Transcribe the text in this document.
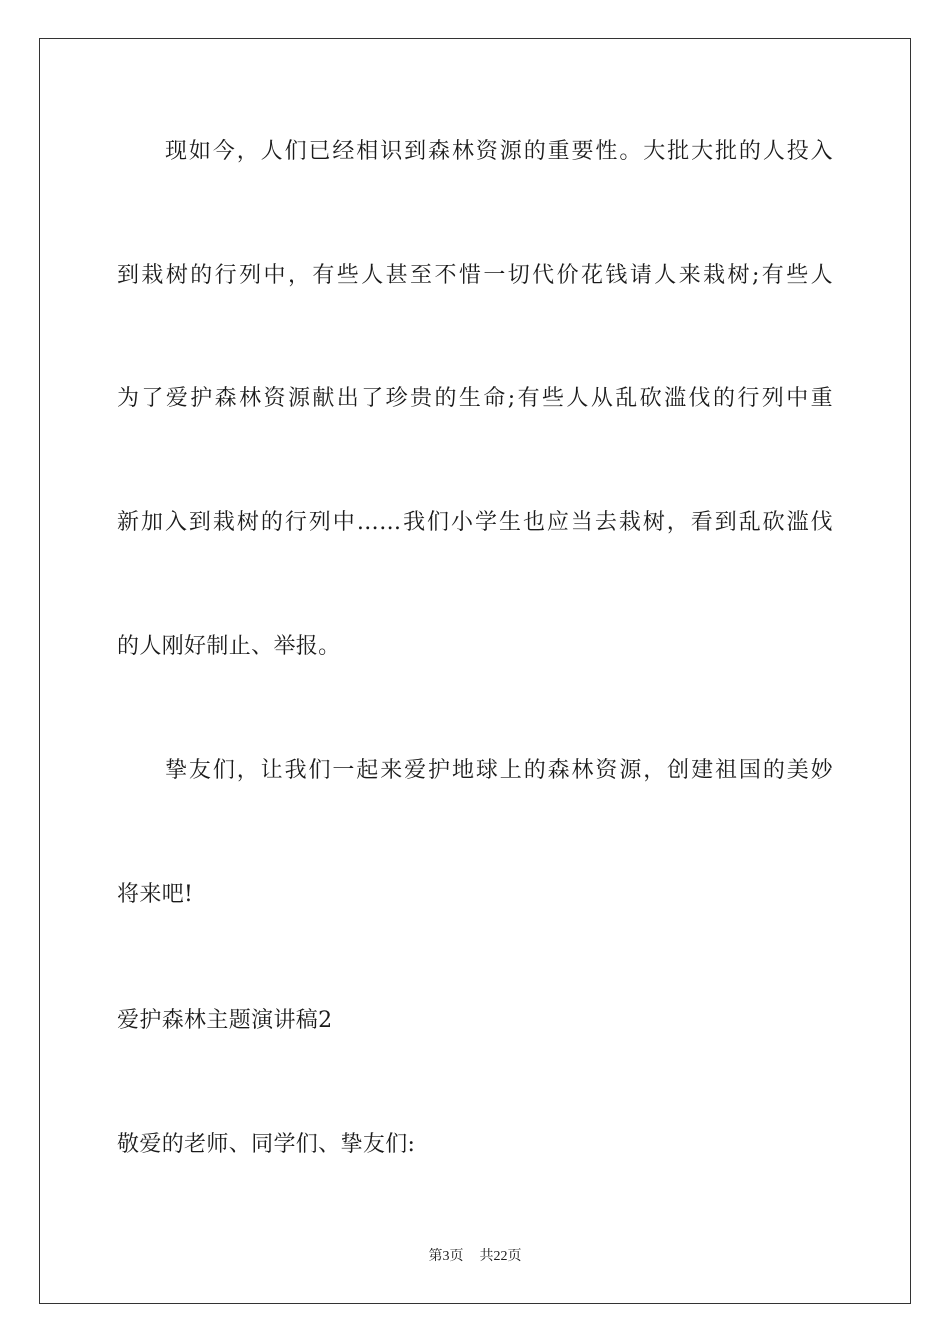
现如今，人们已经相识到森林资源的重要性。大批大批的人投入
到栽树的行列中，有些人甚至不惜一切代价花钱请人来栽树;有些人
为了爱护森林资源献出了珍贵的生命;有些人从乱砍滥伐的行列中重
新加入到栽树的行列中……我们小学生也应当去栽树，看到乱砍滥伐
的人刚好制止、举报。
挚友们，让我们一起来爱护地球上的森林资源，创建祖国的美妙
将来吧!
爱护森林主题演讲稿2
敬爱的老师、同学们、挚友们:
第3页 共22页
